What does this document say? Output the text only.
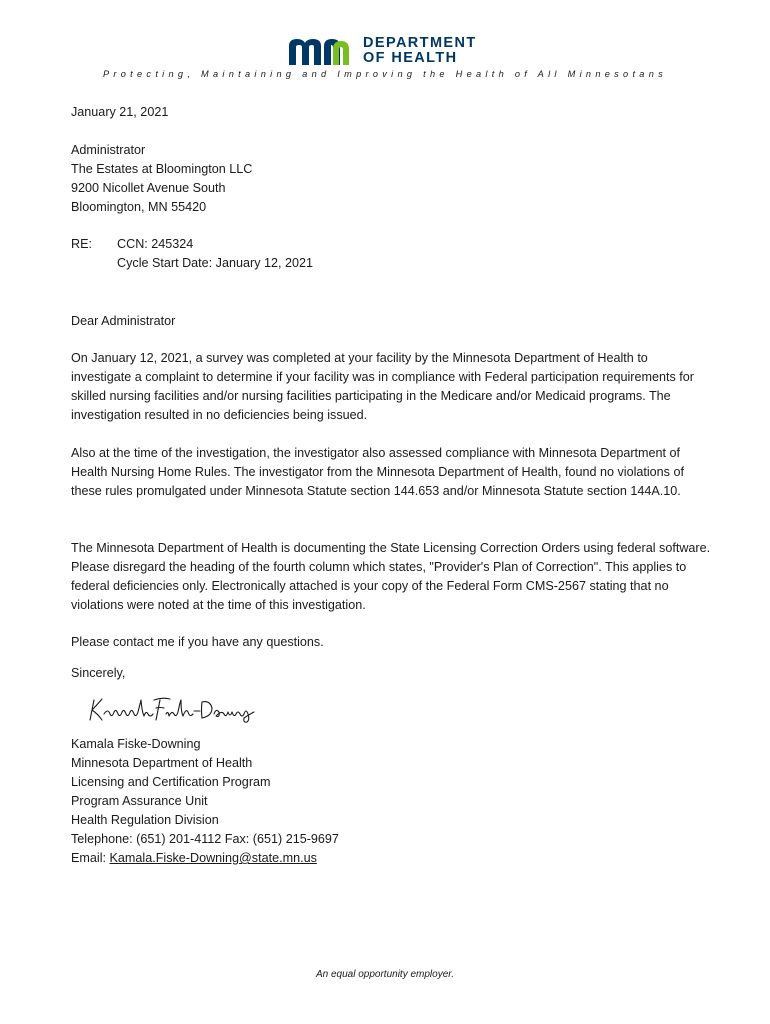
DEPARTMENT
OF HEALTH
Protecting, Maintaining and Improving the Health of All Minnesotans
January 21, 2021

Administrator

The Estates at Bloomington LLC

9200 Nicollet Avenue South

Bloomington, MN 55420

RE: CCN: 245324

Cycle Start Date: January 12, 2021

Dear Administrator
On January 12, 2021, a survey was completed at your facility by the Minnesota Department of Health to investigate a complaint to determine if your facility was in compliance with Federal participation requirements for skilled nursing facilities and/or nursing facilities participating in the Medicare and/or Medicaid programs. The investigation resulted in no deficiencies being issued.
Also at the time of the investigation, the investigator also assessed compliance with Minnesota Department of Health Nursing Home Rules. The investigator from the Minnesota Department of Health, found no violations of these rules promulgated under Minnesota Statute section 144.653 and/or Minnesota Statute section 144A.10.
The Minnesota Department of Health is documenting the State Licensing Correction Orders using federal software. Please disregard the heading of the fourth column which states, "Provider's Plan of Correction". This applies to federal deficiencies only. Electronically attached is your copy of the Federal Form CMS-2567 stating that no violations were noted at the time of this investigation.
Please contact me if you have any questions.
Sincerely,

Kamala Fiske-Downing

Minnesota Department of Health

Licensing and Certification Program

Program Assurance Unit

Health Regulation Division

Telephone: (651) 201-4112 Fax: (651) 215-9697

Email: Kamala.Fiske-Downing@state.mn.us

An equal opportunity employer.
